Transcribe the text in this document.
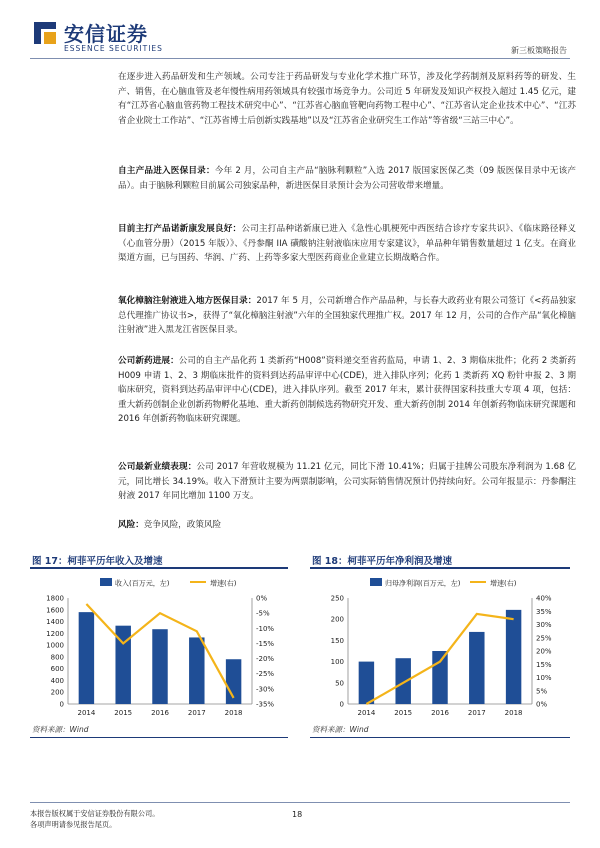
安信证券
ESSENCE SECURITIES	新三板策略报告
在逐步进入药品研发和生产领域。公司专注于药品研发与专业化学术推广环节，涉及化学药制剂及原料药等的研发、生产、销售，在心脑血管及老年慢性病用药领域具有较强市场竞争力。公司近 5 年研发及知识产权投入超过 1.45 亿元，建有“江苏省心脑血管药物工程技术研究中心”、“江苏省心脑血管靶向药物工程中心”、“江苏省认定企业技术中心”、“江苏省企业院士工作站”、“江苏省博士后创新实践基地”以及“江苏省企业研究生工作站”等省级“三站三中心”。
自主产品进入医保目录：今年 2 月，公司自主产品“脑脉利颗粒”入选 2017 版国家医保乙类（09 版医保目录中无该产品）。由于脑脉利颗粒目前属公司独家品种，新进医保目录预计会为公司营收带来增量。
目前主打产品诺新康发展良好：公司主打品种诺新康已进入《急性心肌梗死中西医结合诊疗专家共识》、《临床路径释义（心血管分册）（2015 年版）》、《丹参酮 IIA 磺酸钠注射液临床应用专家建议》，单品种年销售数量超过 1 亿支。在商业渠道方面，已与国药、华润、广药、上药等多家大型医药商业企业建立长期战略合作。
氧化樟脑注射液进入地方医保目录：2017 年 5 月，公司新增合作产品品种，与长春大政药业有限公司签订《<药品独家总代理推广协议书>，获得了“氧化樟脑注射液”六年的全国独家代理推广权。2017 年 12 月，公司的合作产品“氧化樟脑注射液”进入黑龙江省医保目录。
公司新药进展：公司的自主产品化药 1 类新药“H008”资料递交至省药监局，申请 1、2、3 期临床批件；化药 2 类新药 H009 申请 1、2、3 期临床批件的资料到达药品审评中心(CDE)，进入排队序列；化药 1 类新药 XQ 粉针申报 2、3 期临床研究，资料到达药品审评中心(CDE)，进入排队序列。截至 2017 年末，累计获得国家科技重大专项 4 项，包括：重大新药创制企业创新药物孵化基地、重大新药创制候选药物研究开发、重大新药创制 2014 年创新药物临床研究课题和 2016 年创新药物临床研究课题。
公司最新业绩表现：公司 2017 年营收规模为 11.21 亿元，同比下滑 10.41%；归属于挂牌公司股东净利润为 1.68 亿元，同比增长 34.19%。收入下滑预计主要为两票制影响，公司实际销售情况预计仍持续向好。公司年报显示：丹参酮注射液 2017 年同比增加 1100 万支。
风险：竞争风险，政策风险
图 17：柯菲平历年收入及增速
收入(百万元，左)	增速(右)
0
200
400
600
800
1000
1200
1400
1600
1800
-35%
-30%
-25%
-20%
-15%
-10%
-5%
0%
2014	2015	2016	2017	2018
资料来源：Wind
图 18：柯菲平历年净利润及增速
归母净利润(百万元，左)	增速(右)
0
50
100
150
200
250
0%
5%
10%
15%
20%
25%
30%
35%
40%
2014	2015	2016	2017	2018
资料来源：Wind
本报告版权属于安信证券股份有限公司。
各项声明请参见报告尾页。
18
